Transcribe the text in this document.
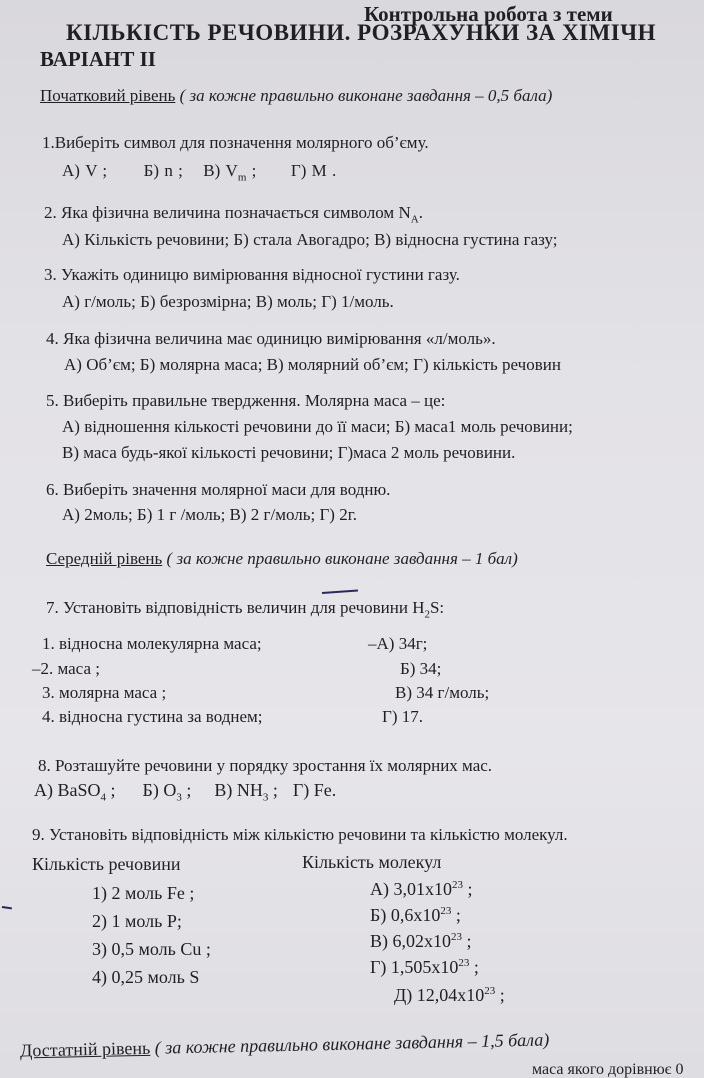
Контрольна робота з теми
КІЛЬКІСТЬ РЕЧОВИНИ. РОЗРАХУНКИ ЗА ХІМІЧН
ВАРІАНТ ІІ
Початковий рівень ( за кожне правильно виконане завдання – 0,5 бала)
1.Виберіть символ для позначення молярного об’єму.
А) V ; Б) n ; В) $V_m$ ; Г) M .
2. Яка фізична величина позначається символом $N_A$.
А) Кількість речовини; Б) стала Авогадро; В) відносна густина газу;
3. Укажіть одиницю вимірювання відносної густини газу.
А) г/моль; Б) безрозмірна; В) моль; Г) 1/моль.
4. Яка фізична величина має одиницю вимірювання «л/моль».
А) Об’єм; Б) молярна маса; В) молярний об’єм; Г) кількість речовин
5. Виберіть правильне твердження. Молярна маса – це:
А) відношення кількості речовини до її маси; Б) маса1 моль речовини;
В) маса будь-якої кількості речовини; Г)маса 2 моль речовини.
6. Виберіть значення молярної маси для водню.
А) 2моль; Б) 1 г /моль; В) 2 г/моль; Г) 2г.
Середній рівень ( за кожне правильно виконане завдання – 1 бал)
7. Установіть відповідність величин для речовини $H_2S$:
1. відносна молекулярна маса;
–2. маса ;
3. молярна маса ;
4. відносна густина за воднем;
–А) 34г;
Б) 34;
В) 34 г/моль;
Г) 17.
8. Розташуйте речовини у порядку зростання їх молярних мас.
А) BaSO$_4$ ; Б) $O_3$ ; В) $NH_3$ ; Г) Fe.
9. Установіть відповідність між кількістю речовини та кількістю молекул.
Кількість речовини	Кількість молекул
1) 2 моль Fe ;
2) 1 моль P;
3) 0,5 моль Cu ;
4) 0,25 моль S
А) $3,01x10^{23}$ ;
Б) $0,6x10^{23}$ ;
В) $6,02x10^{23}$ ;
Г) $1,505x10^{23}$ ;
Д) $12,04x10^{23}$ ;
Достатній рівень ( за кожне правильно виконане завдання – 1,5 бала)
маса якого дорівнює 0
